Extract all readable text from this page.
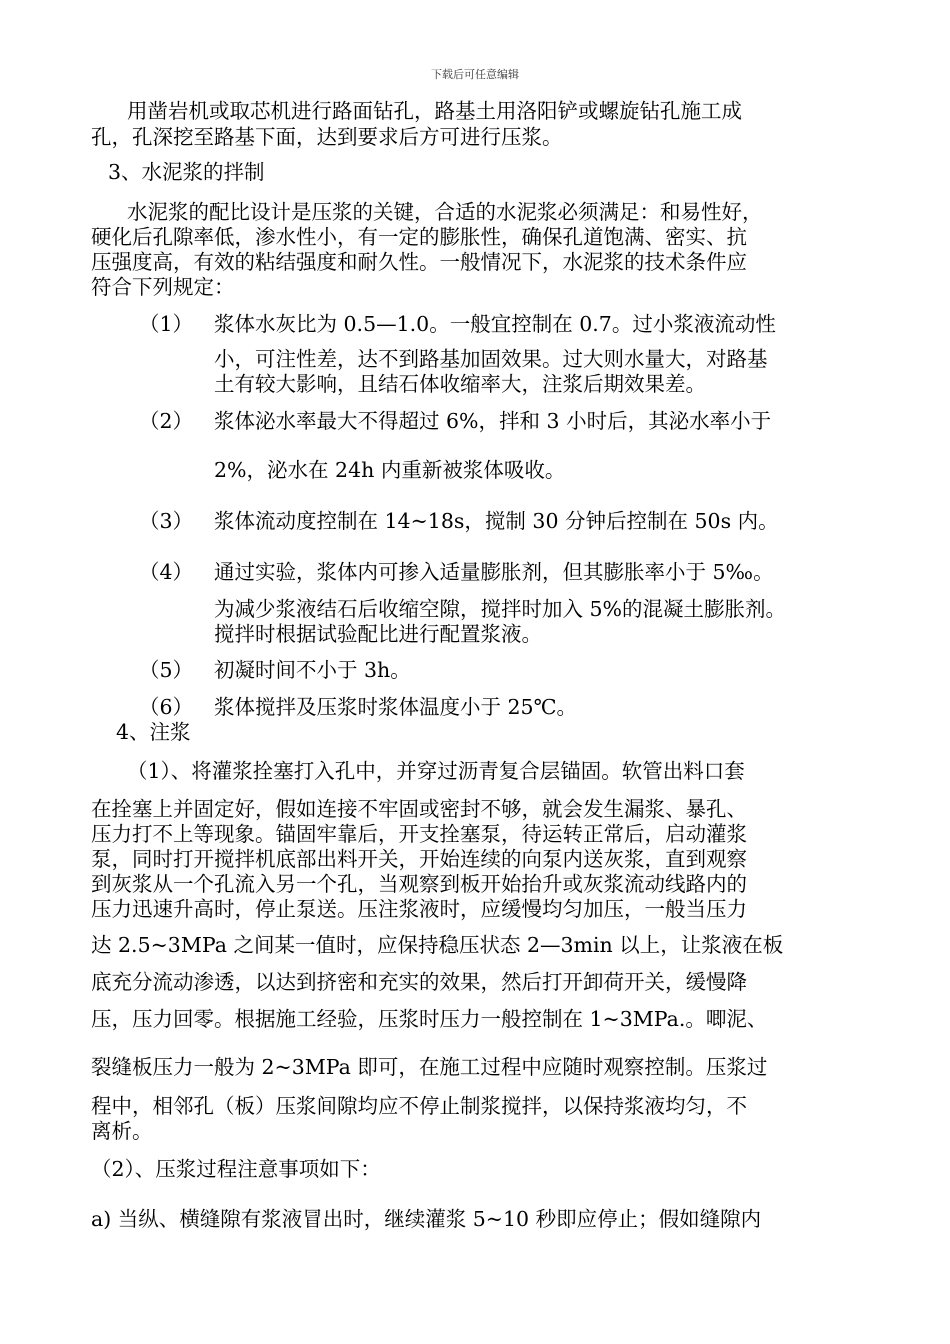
下载后可任意编辑
用凿岩机或取芯机进行路面钻孔，路基土用洛阳铲或螺旋钻孔施工成
孔，孔深挖至路基下面，达到要求后方可进行压浆。
3、水泥浆的拌制
水泥浆的配比设计是压浆的关键，合适的水泥浆必须满足：和易性好，
硬化后孔隙率低，渗水性小，有一定的膨胀性，确保孔道饱满、密实、抗
压强度高，有效的粘结强度和耐久性。一般情况下，水泥浆的技术条件应
符合下列规定：
（1） 浆体水灰比为 0.5—1.0。一般宜控制在 0.7。过小浆液流动性
小，可注性差，达不到路基加固效果。过大则水量大，对路基
土有较大影响，且结石体收缩率大，注浆后期效果差。
（2） 浆体泌水率最大不得超过 6%，拌和 3 小时后，其泌水率小于
2%，泌水在 24h 内重新被浆体吸收。
（3） 浆体流动度控制在 14~18s，搅制 30 分钟后控制在 50s 内。
（4） 通过实验，浆体内可掺入适量膨胀剂，但其膨胀率小于 5‰。
为减少浆液结石后收缩空隙，搅拌时加入 5%的混凝土膨胀剂。
搅拌时根据试验配比进行配置浆液。
（5） 初凝时间不小于 3h。
（6） 浆体搅拌及压浆时浆体温度小于 25℃。
4、注浆
（1）、将灌浆拴塞打入孔中，并穿过沥青复合层锚固。软管出料口套
在拴塞上并固定好，假如连接不牢固或密封不够，就会发生漏浆、暴孔、
压力打不上等现象。锚固牢靠后，开支拴塞泵，待运转正常后，启动灌浆
泵，同时打开搅拌机底部出料开关，开始连续的向泵内送灰浆，直到观察
到灰浆从一个孔流入另一个孔，当观察到板开始抬升或灰浆流动线路内的
压力迅速升高时，停止泵送。压注浆液时，应缓慢均匀加压，一般当压力
达 2.5~3MPa 之间某一值时，应保持稳压状态 2—3min 以上，让浆液在板
底充分流动渗透，以达到挤密和充实的效果，然后打开卸荷开关，缓慢降
压，压力回零。根据施工经验，压浆时压力一般控制在 1~3MPa.。唧泥、
裂缝板压力一般为 2~3MPa 即可，在施工过程中应随时观察控制。压浆过
程中，相邻孔（板）压浆间隙均应不停止制浆搅拌，以保持浆液均匀，不
离析。
（2）、压浆过程注意事项如下：
a) 当纵、横缝隙有浆液冒出时，继续灌浆 5~10 秒即应停止；假如缝隙内
